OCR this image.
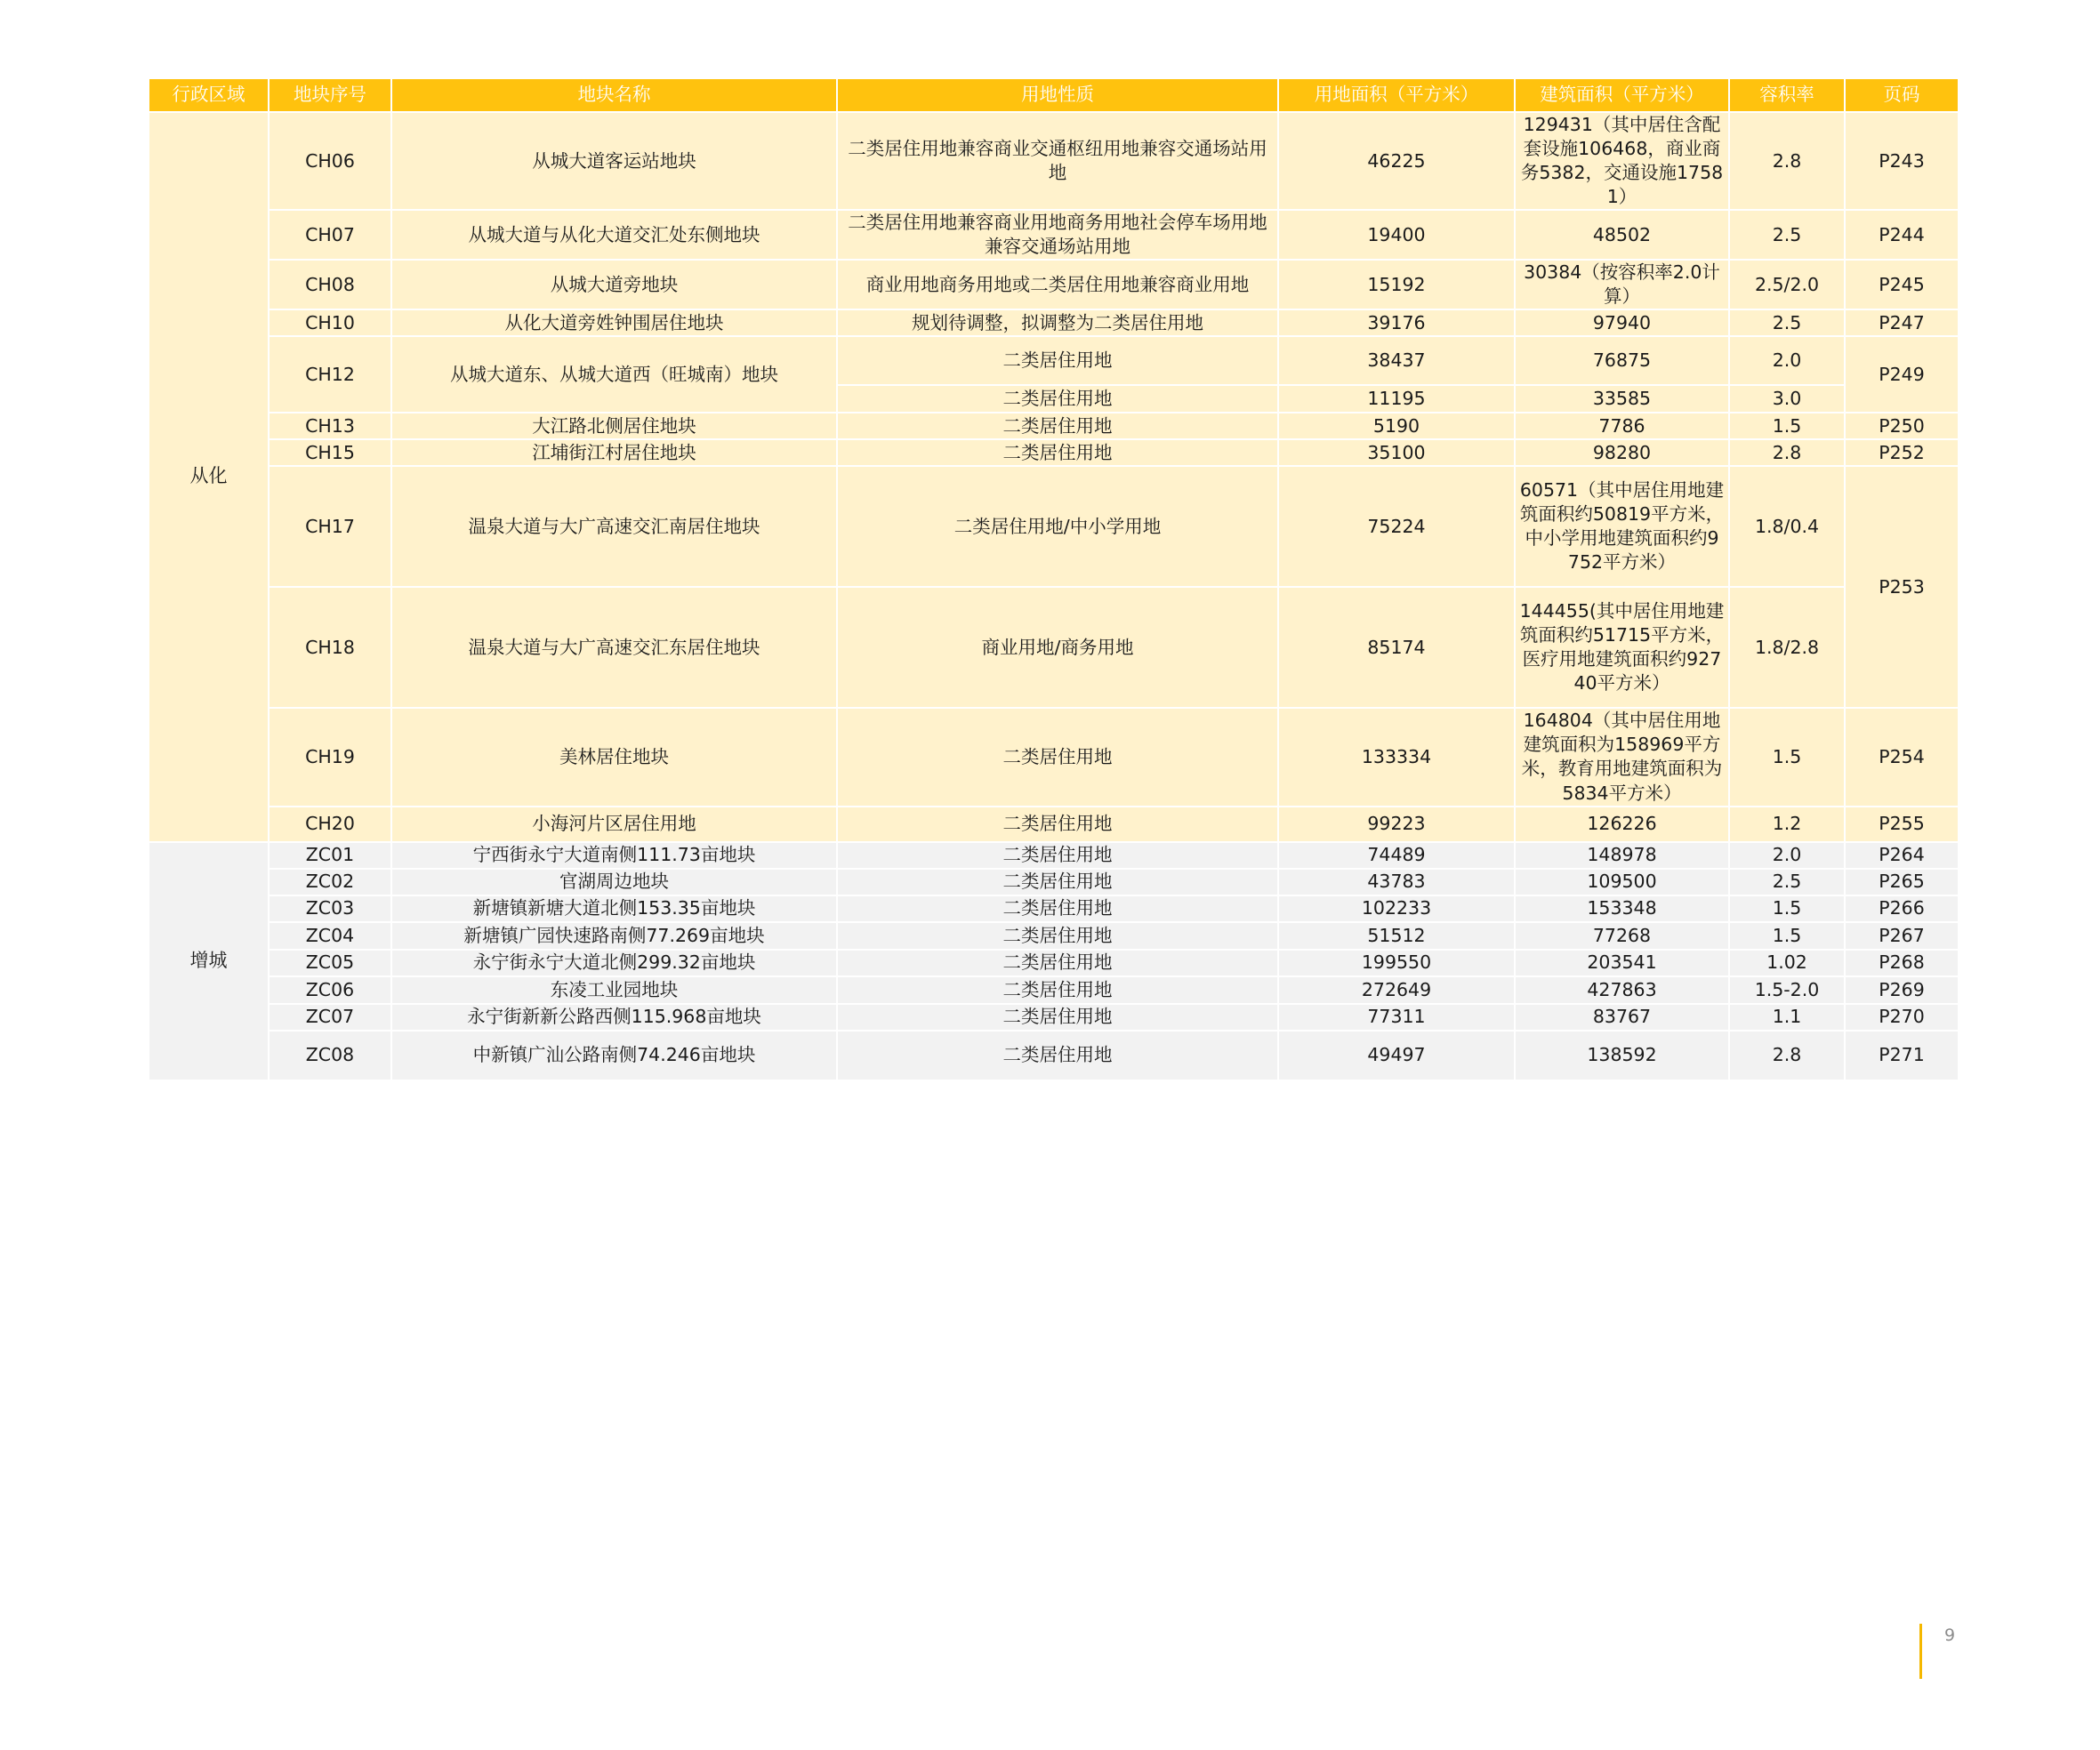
行政区域	地块序号	地块名称	用地性质	用地面积（平方米）	建筑面积（平方米）	容积率	页码
从化	CH06	从城大道客运站地块	二类居住用地兼容商业交通枢纽用地兼容交通场站用地	46225	129431（其中居住含配套设施106468，商业商务5382，交通设施17581）	2.8	P243
	CH07	从城大道与从化大道交汇处东侧地块	二类居住用地兼容商业用地商务用地社会停车场用地兼容交通场站用地	19400	48502	2.5	P244
	CH08	从城大道旁地块	商业用地商务用地或二类居住用地兼容商业用地	15192	30384（按容积率2.0计算）	2.5/2.0	P245
	CH10	从化大道旁姓钟围居住地块	规划待调整，拟调整为二类居住用地	39176	97940	2.5	P247
	CH12	从城大道东、从城大道西（旺城南）地块	二类居住用地	38437	76875	2.0	P249
			二类居住用地	11195	33585	3.0	
	CH13	大江路北侧居住地块	二类居住用地	5190	7786	1.5	P250
	CH15	江埔街江村居住地块	二类居住用地	35100	98280	2.8	P252
	CH17	温泉大道与大广高速交汇南居住地块	二类居住用地/中小学用地	75224	60571（其中居住用地建筑面积约50819平方米，中小学用地建筑面积约9752平方米）	1.8/0.4	P253
	CH18	温泉大道与大广高速交汇东居住地块	商业用地/商务用地	85174	144455(其中居住用地建筑面积约51715平方米，医疗用地建筑面积约92740平方米）	1.8/2.8	
	CH19	美林居住地块	二类居住用地	133334	164804（其中居住用地建筑面积为158969平方米，教育用地建筑面积为5834平方米）	1.5	P254
	CH20	小海河片区居住用地	二类居住用地	99223	126226	1.2	P255
增城	ZC01	宁西街永宁大道南侧111.73亩地块	二类居住用地	74489	148978	2.0	P264
	ZC02	官湖周边地块	二类居住用地	43783	109500	2.5	P265
	ZC03	新塘镇新塘大道北侧153.35亩地块	二类居住用地	102233	153348	1.5	P266
	ZC04	新塘镇广园快速路南侧77.269亩地块	二类居住用地	51512	77268	1.5	P267
	ZC05	永宁街永宁大道北侧299.32亩地块	二类居住用地	199550	203541	1.02	P268
	ZC06	东凌工业园地块	二类居住用地	272649	427863	1.5-2.0	P269
	ZC07	永宁街新新公路西侧115.968亩地块	二类居住用地	77311	83767	1.1	P270
	ZC08	中新镇广汕公路南侧74.246亩地块	二类居住用地	49497	138592	2.8	P271
9
